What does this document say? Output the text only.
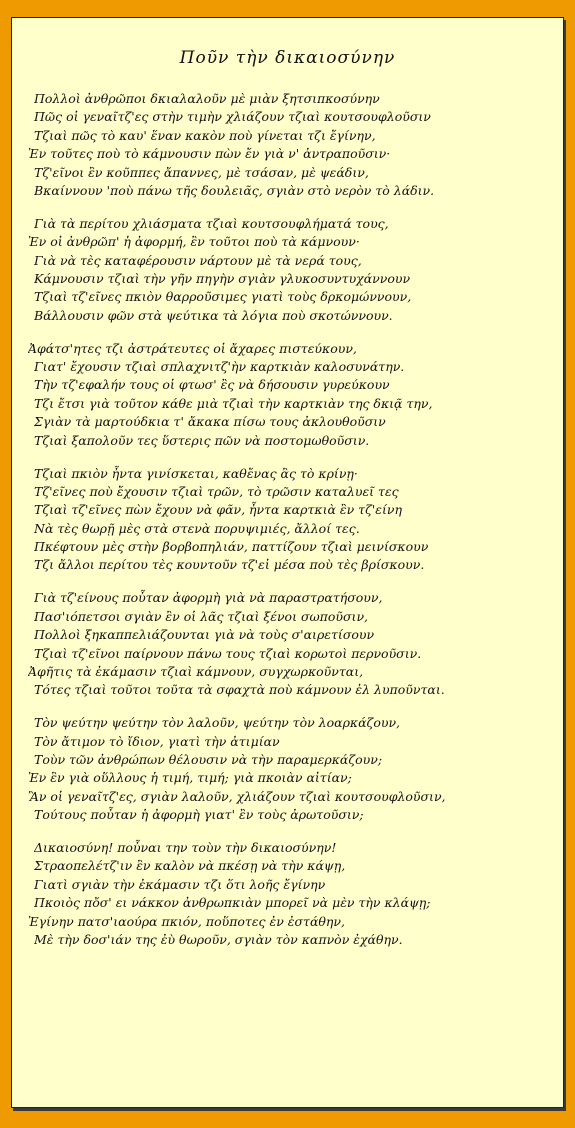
Ποῦν τὴν δικαιοσύνην
Πολλοὶ ἀνθρῶποι δκιαλαλοῦν μὲ μιὰν ξητσιπκοσύνην
Πῶς οἱ γεναῖτζ'ες στὴν τιμὴν χλιάζουν τζιαὶ κουτσουφλοῦσιν
Τζιαὶ πῶς τὸ καυ' ἕναν κακὸν ποὺ γίνεται τζι ἔγίνην,
Ἐν τοῦτες ποὺ τὸ κάμνουσιν πὼν ἔν γιὰ ν' ἀντραποῦσιν·
Τζ'εῖνοι ἒν κοῦππες ἄπαννες, μὲ τσάσαν, μὲ ψεάδιν,
Βκαίννουν 'ποὺ πάνω τῆς δουλειᾶς, σγιὰν στὸ νερὸν τὸ λάδιν.
Γιὰ τὰ περίτου χλιάσματα τζιαὶ κουτσουφλήματά τους,
Ἐν οἱ ἀνθρῶπ' ἡ ἀφορμή, ἒν τοῦτοι ποὺ τὰ κάμνουν·
Γιὰ νὰ τὲς καταφέρουσιν νάρτουν μὲ τὰ νερά τους,
Κάμνουσιν τζιαὶ τὴν γῆν πηγὴν σγιὰν γλυκοσυντυχάννουν
Τζιαὶ τζ'εῖνες πκιὸν θαρροῦσιμες γιατὶ τοὺς δρκομώννουν,
Βάλλουσιν φῶν στὰ ψεύτικα τὰ λόγια ποὺ σκοτώννουν.
Ἀφάτσ'ητες τζι ἀστράτευτες οἱ ἄχαρες πιστεύκουν,
Γιατ' ἔχουσιν τζιαὶ σπλαχνιτζ'ὴν καρτκιὰν καλοσυνάτην.
Τὴν τζ'εφαλήν τους οἱ φτωσ' ἒς νὰ δήσουσιν γυρεύκουν
Τζι ἔτσι γιὰ τοῦτον κάθε μιὰ τζιαὶ τὴν καρτκιὰν της δκιᾷ την,
Σγιὰν τὰ μαρτούδκια τ' ἄκακα πίσω τους ἀκλουθοῦσιν
Τζιαὶ ξαπολοῦν τες ὕστερις πῶν νὰ ποστομωθοῦσιν.
Τζιαὶ πκιὸν ἦντα γινίσκεται, καθἔνας ἂς τὸ κρίνῃ·
Τζ'εῖνες ποὺ ἔχουσιν τζιαὶ τρῶν, τὸ τρῶσιν καταλυεῖ τες
Τζιαὶ τζ'εῖνες πὼν ἔχουν νὰ φᾶν, ἦντα καρτκιὰ ἒν τζ'είνη
Νὰ τὲς θωρῇ μὲς στὰ στενὰ πορυψιμιές, ἄλλοί τες.
Πκέφτουν μὲς στὴν βορβοπηλιάν, παττίζουν τζιαὶ μεινίσκουν
Τζι ἄλλοι περίτου τὲς κουντοῦν τζ'εἰ μέσα ποὺ τὲς βρίσκουν.
Γιὰ τζ'είνους ποὖταν ἀφορμὴ γιὰ νὰ παραστρατήσουν,
Πασ'ιόπετσοι σγιὰν ἒν οἱ λᾶς τζιαὶ ξένοι σωποῦσιν,
Πολλοὶ ξηκαππελιάζουνται γιὰ νὰ τοὺς σ'αιρετίσουν
Τζιαὶ τζ'εῖνοι παίρνουν πάνω τους τζιαὶ κορωτοὶ περνοῦσιν.
Ἀφῆτις τὰ ἐκάμασιν τζιαὶ κάμνουν, συγχωρκοῦνται,
Τότες τζιαὶ τοῦτοι τοῦτα τὰ σφαχτὰ ποὺ κάμνουν ἐλ λυποῦνται.
Τὸν ψεύτην ψεύτην τὸν λαλοῦν, ψεύτην τὸν λοαρκάζουν,
Τὸν ἄτιμον τὸ ἴδιον, γιατὶ τὴν ἀτιμίαν
Τοὺν τῶν ἀνθρώπων θέλουσιν νὰ τὴν παραμερκάζουν;
Ἐν ἒν γιὰ οὕλλους ἡ τιμή, τιμή; γιὰ πκοιὰν αἰτίαν;
Ἂν οἱ γεναῖτζ'ες, σγιὰν λαλοῦν, χλιάζουν τζιαὶ κουτσουφλοῦσιν,
Τούτους ποὖταν ἡ ἀφορμὴ γιατ' ἒν τοὺς ἀρωτοῦσιν;
Δικαιοσύνη! ποὖναι την τοὺν τὴν δικαιοσύνην!
Στραοπελέτζ'ιν ἒν καλὸν νὰ πκέσῃ νὰ τὴν κάψῃ,
Γιατὶ σγιὰν τὴν ἐκάμασιν τζι ὅτι λοῆς ἔγίνην
Πκοιὸς πὄσ' ει νάκκον ἀνθρωπκιὰν μπορεῖ νὰ μὲν τὴν κλάψῃ;
Ἐγίνην πατσ'ιαούρα πκιόν, ποὕποτες ἐν ἐστάθην,
Μὲ τὴν δοσ'ιάν της ἐὺ θωροῦν, σγιὰν τὸν καπνὸν ἐχάθην.
